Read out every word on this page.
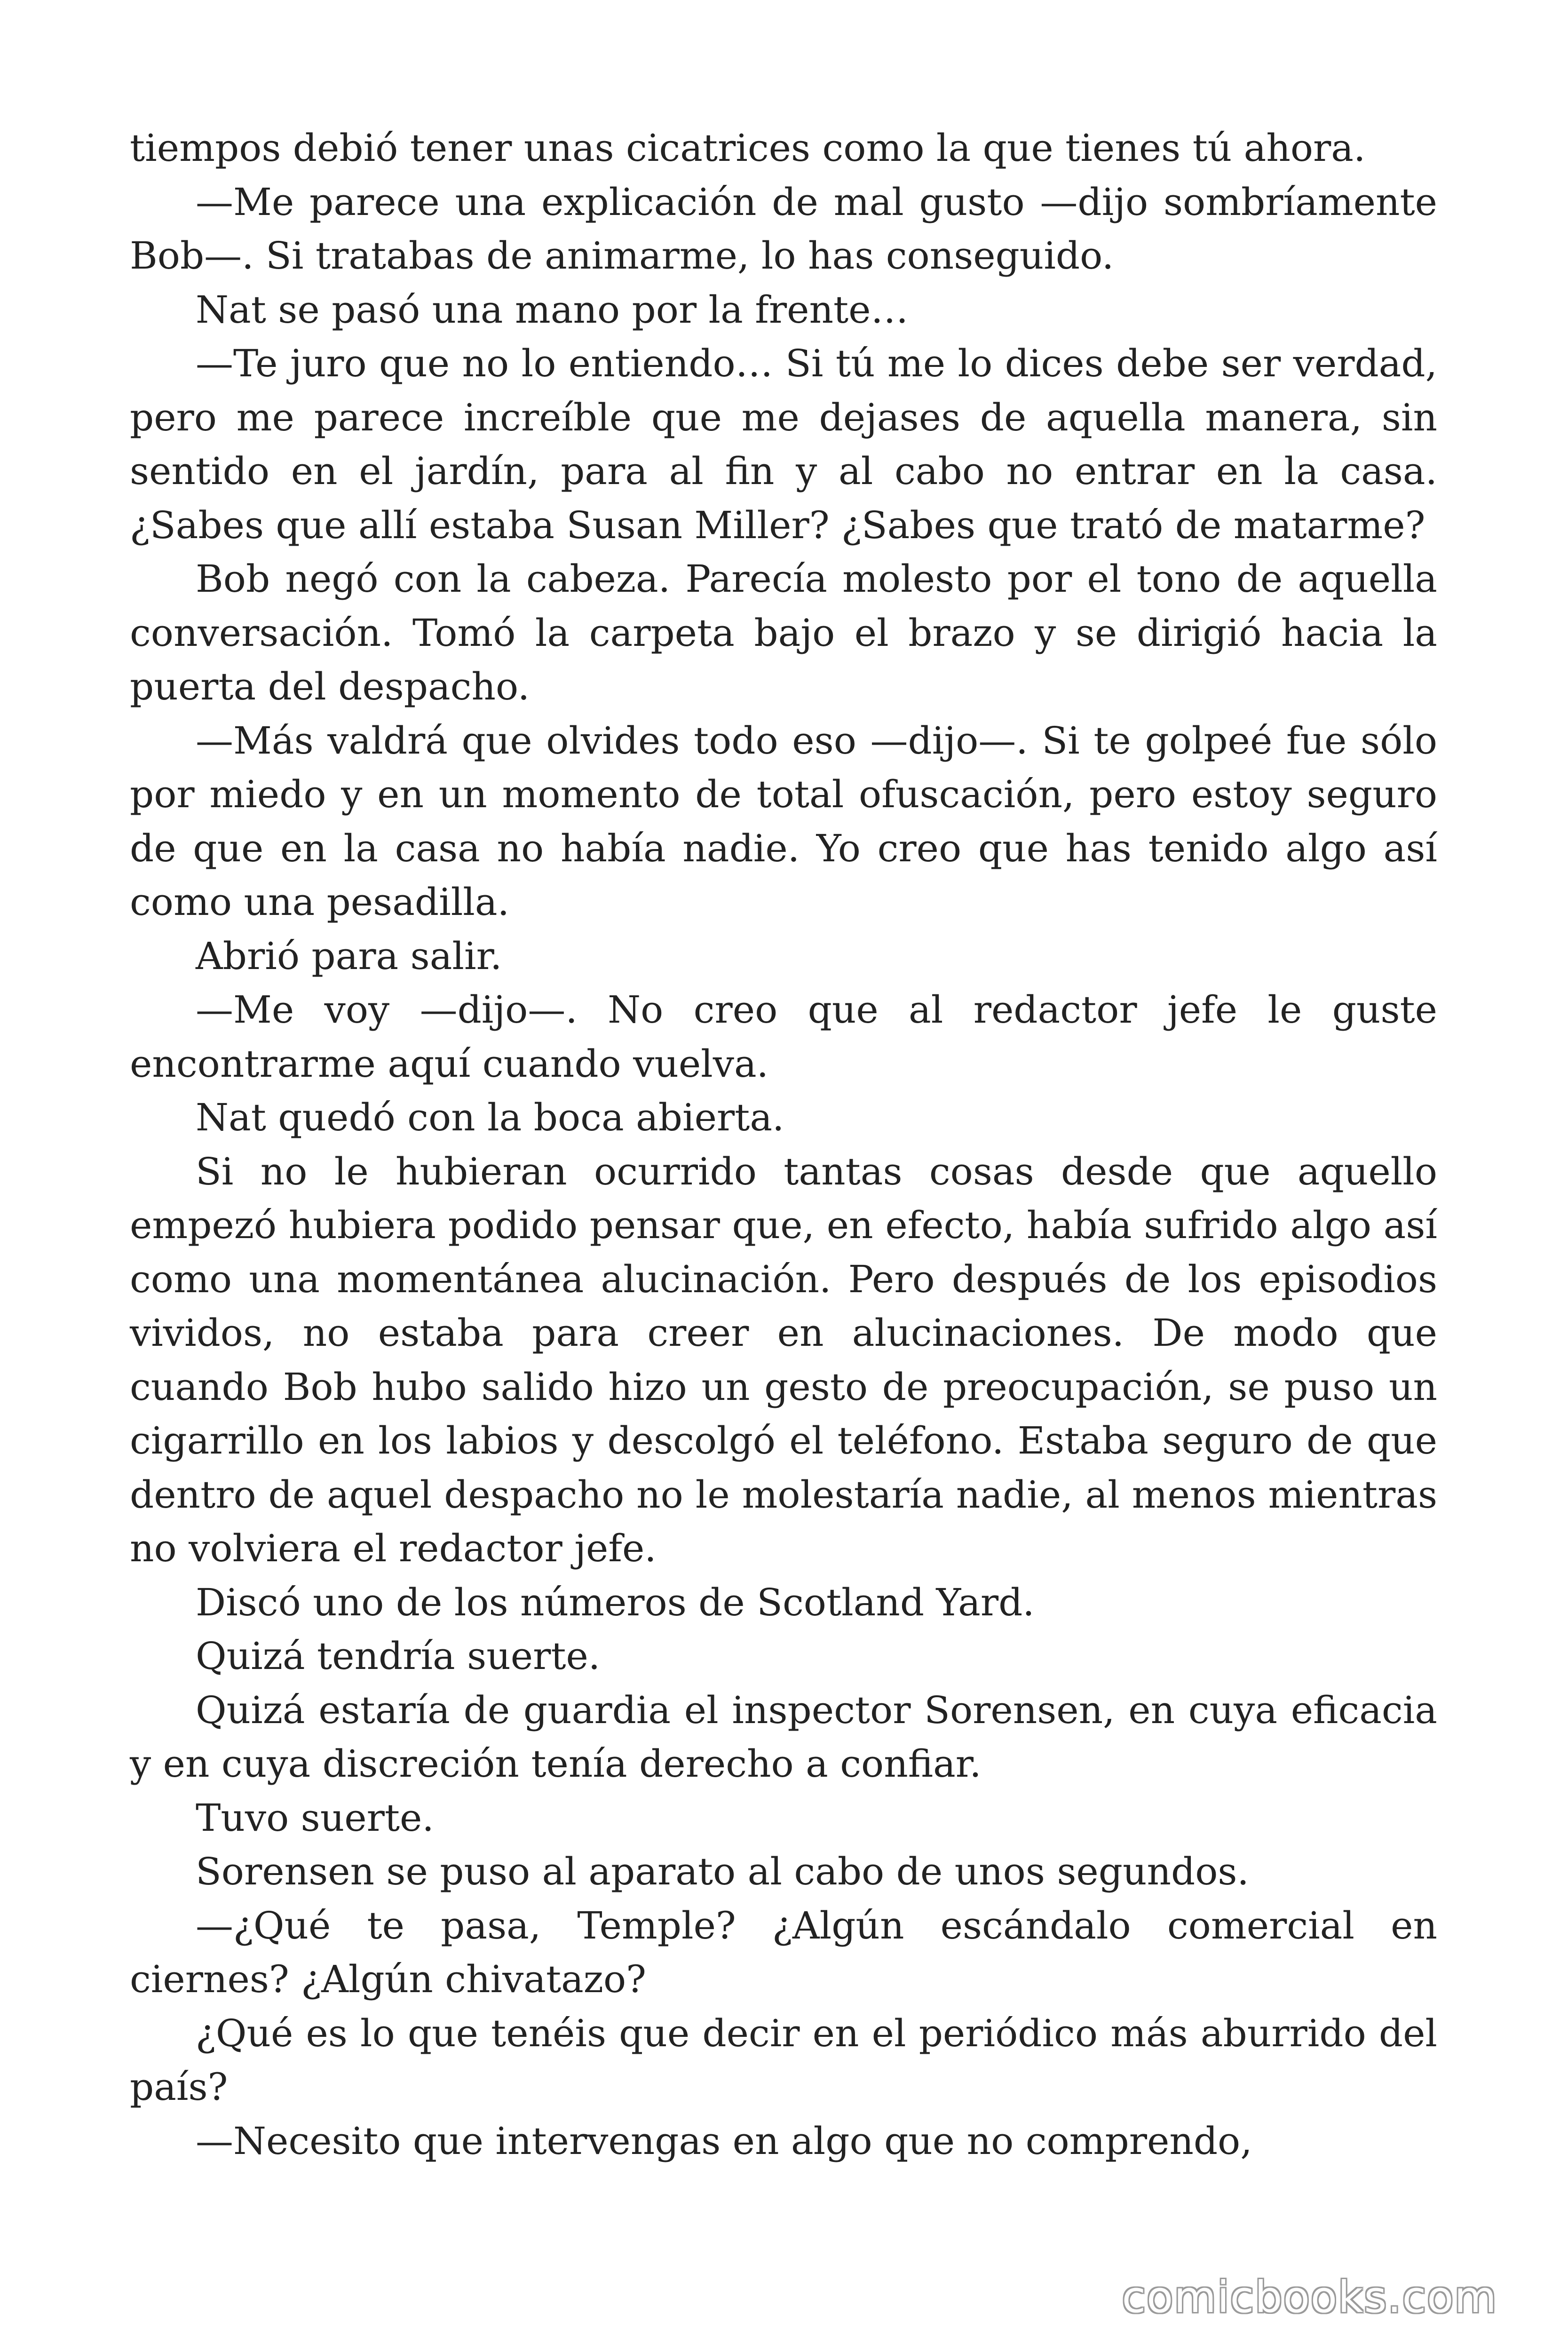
tiempos debió tener unas cicatrices como la que tienes tú ahora.

—Me parece una explicación de mal gusto —dijo sombríamente Bob—. Si tratabas de animarme, lo has conseguido.

Nat se pasó una mano por la frente…

—Te juro que no lo entiendo… Si tú me lo dices debe ser verdad, pero me parece increíble que me dejases de aquella manera, sin sentido en el jardín, para al fin y al cabo no entrar en la casa. ¿Sabes que allí estaba Susan Miller? ¿Sabes que trató de matarme?

Bob negó con la cabeza. Parecía molesto por el tono de aquella conversación. Tomó la carpeta bajo el brazo y se dirigió hacia la puerta del despacho.

—Más valdrá que olvides todo eso —dijo—. Si te golpeé fue sólo por miedo y en un momento de total ofuscación, pero estoy seguro de que en la casa no había nadie. Yo creo que has tenido algo así como una pesadilla.

Abrió para salir.

—Me voy —dijo—. No creo que al redactor jefe le guste encontrarme aquí cuando vuelva.

Nat quedó con la boca abierta.

Si no le hubieran ocurrido tantas cosas desde que aquello empezó hubiera podido pensar que, en efecto, había sufrido algo así como una momentánea alucinación. Pero después de los episodios vividos, no estaba para creer en alucinaciones. De modo que cuando Bob hubo salido hizo un gesto de preocupación, se puso un cigarrillo en los labios y descolgó el teléfono. Estaba seguro de que dentro de aquel despacho no le molestaría nadie, al menos mientras no volviera el redactor jefe.

Discó uno de los números de Scotland Yard.

Quizá tendría suerte.

Quizá estaría de guardia el inspector Sorensen, en cuya eficacia y en cuya discreción tenía derecho a confiar.

Tuvo suerte.

Sorensen se puso al aparato al cabo de unos segundos.

—¿Qué te pasa, Temple? ¿Algún escándalo comercial en ciernes? ¿Algún chivatazo?

¿Qué es lo que tenéis que decir en el periódico más aburrido del país?

—Necesito que intervengas en algo que no comprendo,

comicbooks.com
